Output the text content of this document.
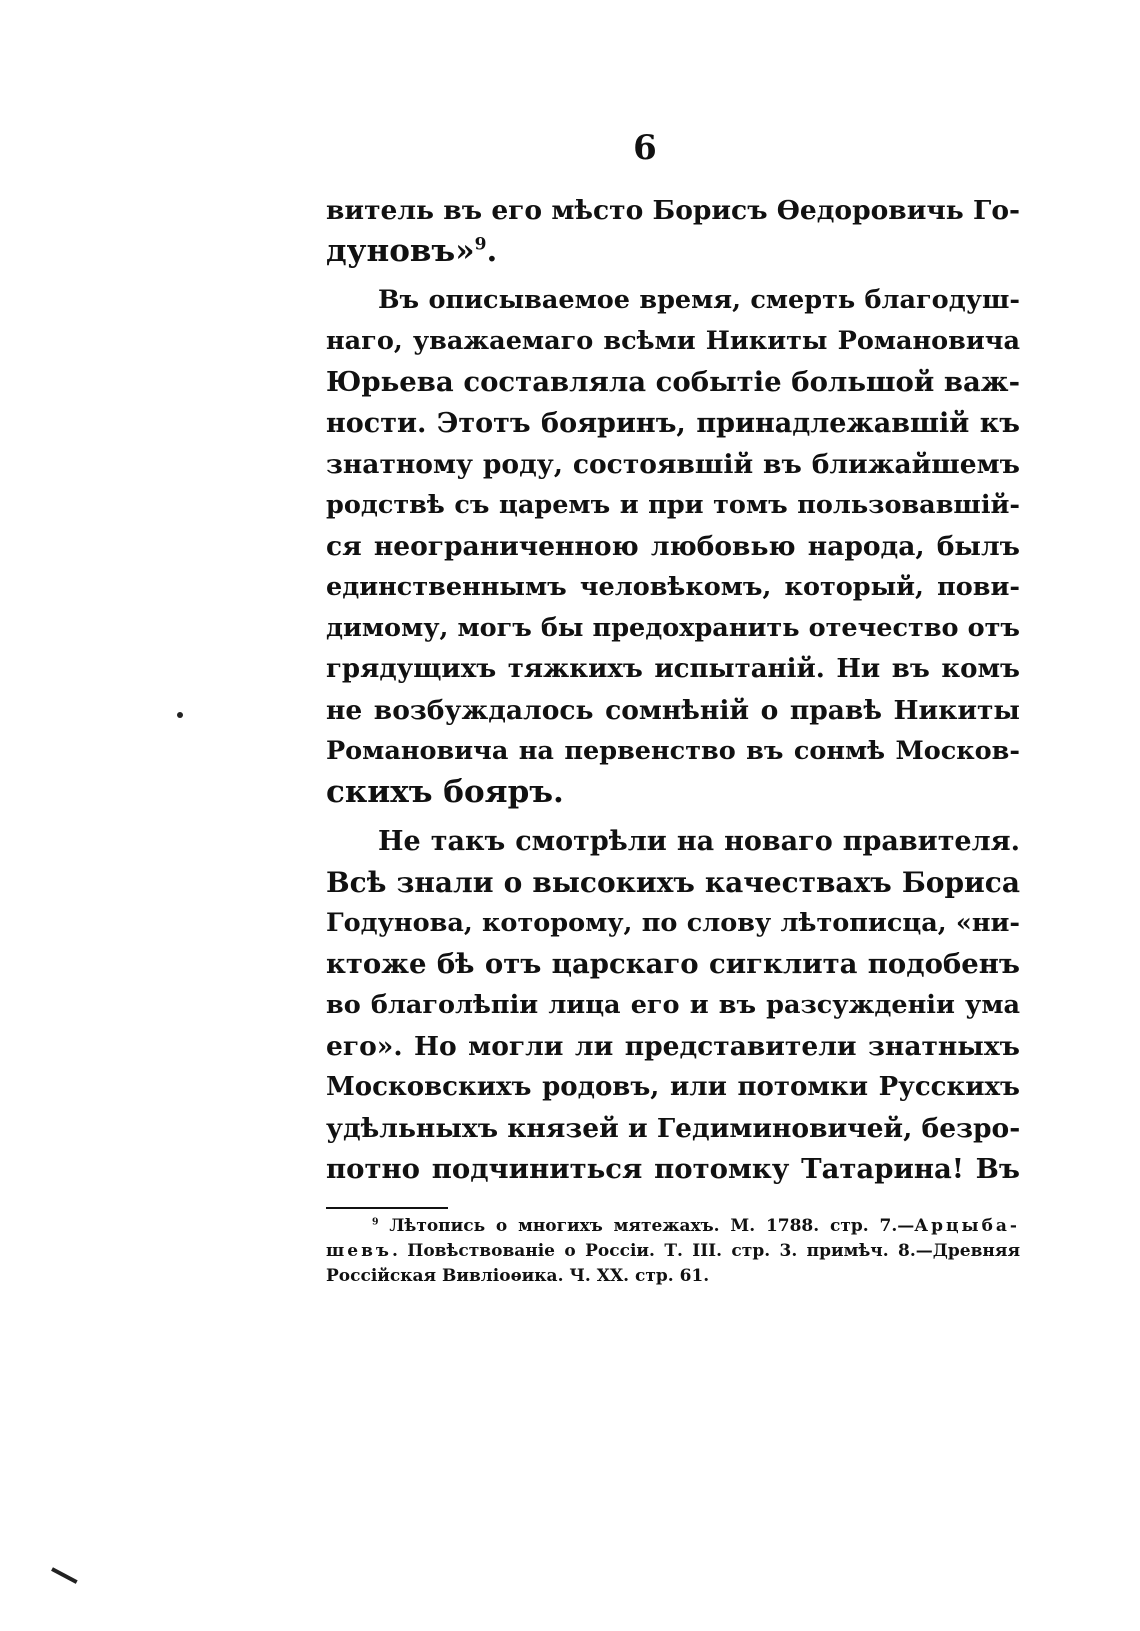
6
витель въ его мѣсто Борисъ Ѳедоровичь Го-
дуновъ»$^9$.
Въ описываемое время, смерть благодуш-
наго, уважаемаго всѣми Никиты Романовича
Юрьева составляла событіе большой важ-
ности. Этотъ бояринъ, принадлежавшій къ
знатному роду, состоявшій въ ближайшемъ
родствѣ съ царемъ и при томъ пользовавшій-
ся неограниченною любовью народа, былъ
единственнымъ человѣкомъ, который, пови-
димому, могъ бы предохранить отечество отъ
грядущихъ тяжкихъ испытаній. Ни въ комъ
не возбуждалось сомнѣній о правѣ Никиты
Романовича на первенство въ сонмѣ Москов-
скихъ бояръ.
Не такъ смотрѣли на новаго правителя.
Всѣ знали о высокихъ качествахъ Бориса
Годунова, которому, по слову лѣтописца, «ни-
ктоже бѣ отъ царскаго сигклита подобенъ
во благолѣпіи лица его и въ разсужденіи ума
его». Но могли ли представители знатныхъ
Московскихъ родовъ, или потомки Русскихъ
удѣльныхъ князей и Гедиминовичей, безро-
потно подчиниться потомку Татарина! Въ
$^9$ Лѣтопись о многихъ мятежахъ. М. 1788. стр. 7.—Арцыба-
шевъ. Повѣствованіе о Россіи. Т. III. стр. 3. примѣч. 8.—Древняя
Россійская Вивліоѳика. Ч. XX. стр. 61.
